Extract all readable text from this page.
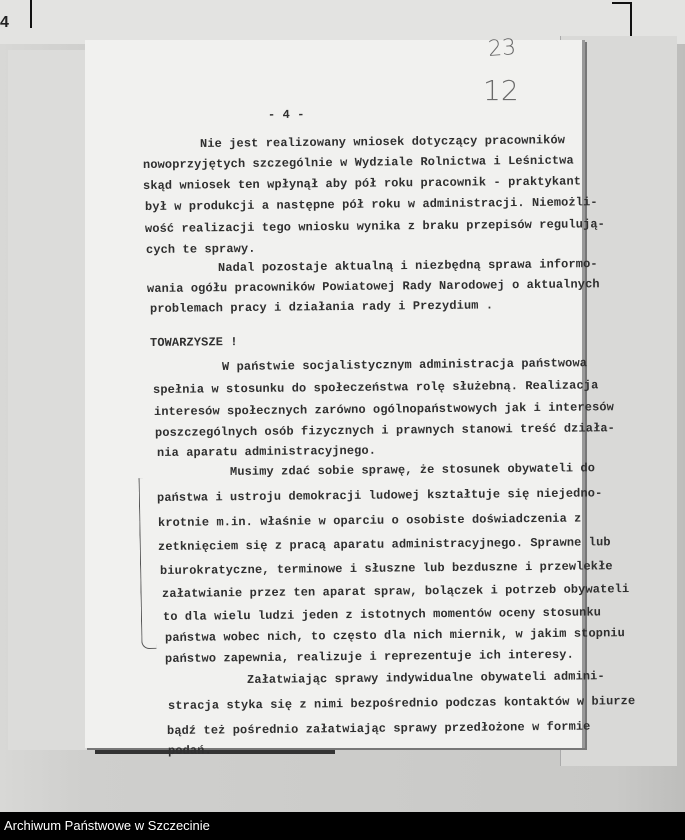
4
23
12
- 4 -
Nie jest realizowany wniosek dotyczący pracowników
nowoprzyjętych szczególnie w Wydziale Rolnictwa i Leśnictwa
skąd wniosek ten wpłynął aby pół roku pracownik - praktykant
był w produkcji a następne pół roku w administracji. Niemożli-
wość realizacji tego wniosku wynika z braku przepisów regulują-
cych te sprawy.
Nadal pozostaje aktualną i niezbędną sprawa informo-
wania ogółu pracowników Powiatowej Rady Narodowej o aktualnych
problemach pracy i działania rady i Prezydium .
TOWARZYSZE !
W państwie socjalistycznym administracja państwowa
spełnia w stosunku do społeczeństwa rolę służebną. Realizacja
interesów społecznych zarówno ogólnopaństwowych jak i interesów
poszczególnych osób fizycznych i prawnych stanowi treść działa-
nia aparatu administracyjnego.
Musimy zdać sobie sprawę, że stosunek obywateli do
państwa i ustroju demokracji ludowej kształtuje się niejedno-
krotnie m.in. właśnie w oparciu o osobiste doświadczenia z
zetknięciem się z pracą aparatu administracyjnego. Sprawne lub
biurokratyczne, terminowe i słuszne lub bezduszne i przewlekłe
załatwianie przez ten aparat spraw, bolączek i potrzeb obywateli
to dla wielu ludzi jeden z istotnych momentów oceny stosunku
państwa wobec nich, to często dla nich miernik, w jakim stopniu
państwo zapewnia, realizuje i reprezentuje ich interesy.
Załatwiając sprawy indywidualne obywateli admini-
stracja styka się z nimi bezpośrednio podczas kontaktów w biurze
bądź też pośrednio załatwiając sprawy przedłożone w formie
podań.
Archiwum Państwowe w Szczecinie
